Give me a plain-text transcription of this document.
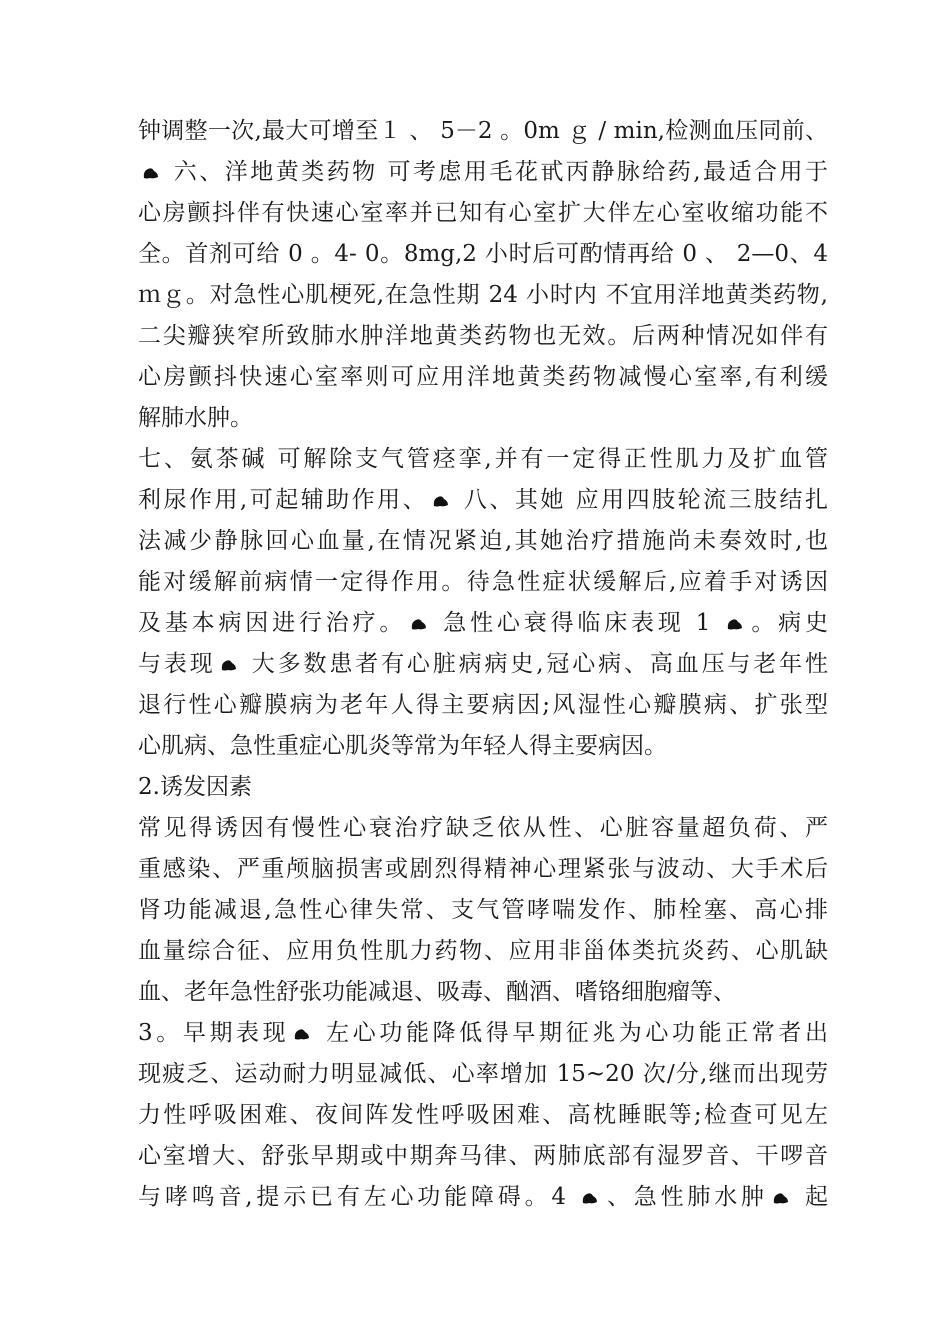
钟调整一次,最大可增至１ 、 5－2 。0m ｇ / min,检测血压同前、
六、洋地黄类药物 可考虑用毛花甙丙静脉给药,最适合用于
心房颤抖伴有快速心室率并已知有心室扩大伴左心室收缩功能不
全。首剂可给 0 。4- 0。8mg,2 小时后可酌情再给 0 、 2—0、4
ｍｇ。对急性心肌梗死,在急性期 24 小时内 不宜用洋地黄类药物,
二尖瓣狭窄所致肺水肿洋地黄类药物也无效。后两种情况如伴有
心房颤抖快速心室率则可应用洋地黄类药物减慢心室率,有利缓
解肺水肿。
七、氨茶碱 可解除支气管痉挛,并有一定得正性肌力及扩血管
利尿作用,可起辅助作用、
八、其她 应用四肢轮流三肢结扎
法减少静脉回心血量,在情况紧迫,其她治疗措施尚未奏效时,也
能对缓解前病情一定得作用。待急性症状缓解后,应着手对诱因
及基本病因进行治疗。
急性心衰得临床表现 1
。病史
与表现
大多数患者有心脏病病史,冠心病、高血压与老年性
退行性心瓣膜病为老年人得主要病因;风湿性心瓣膜病、扩张型
心肌病、急性重症心肌炎等常为年轻人得主要病因。
2.诱发因素
常见得诱因有慢性心衰治疗缺乏依从性、心脏容量超负荷、严
重感染、严重颅脑损害或剧烈得精神心理紧张与波动、大手术后
肾功能减退,急性心律失常、支气管哮喘发作、肺栓塞、高心排
血量综合征、应用负性肌力药物、应用非甾体类抗炎药、心肌缺
血、老年急性舒张功能减退、吸毒、酗酒、嗜铬细胞瘤等、
3。早期表现
左心功能降低得早期征兆为心功能正常者出
现疲乏、运动耐力明显减低、心率增加 15~20 次/分,继而出现劳
力性呼吸困难、夜间阵发性呼吸困难、高枕睡眠等;检查可见左
心室增大、舒张早期或中期奔马律、两肺底部有湿罗音、干啰音
与哮鸣音,提示已有左心功能障碍。4
、急性肺水肿
起
